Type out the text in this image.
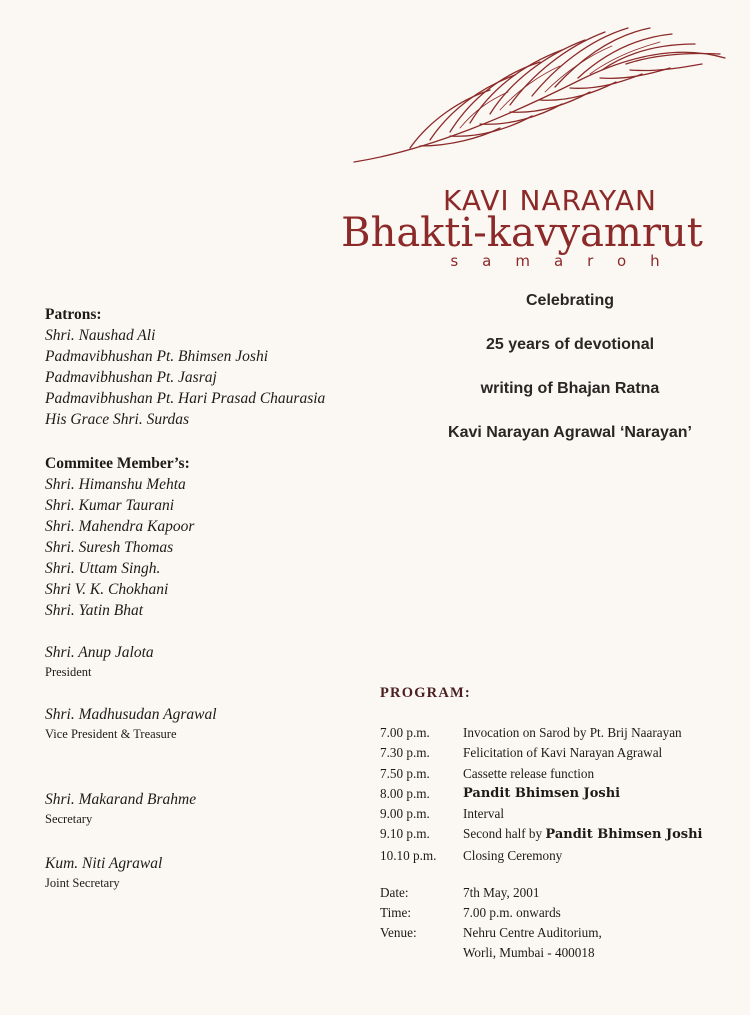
KAVI NARAYAN
Bhakti-kavyamrut
samaroh
Celebrating
25 years of devotional
writing of Bhajan Ratna
Kavi Narayan Agrawal ‘Narayan’
Patrons:
Shri. Naushad Ali
Padmavibhushan Pt. Bhimsen Joshi
Padmavibhushan Pt. Jasraj
Padmavibhushan Pt. Hari Prasad Chaurasia
His Grace Shri. Surdas
Commitee Member’s:
Shri. Himanshu Mehta
Shri. Kumar Taurani
Shri. Mahendra Kapoor
Shri. Suresh Thomas
Shri. Uttam Singh.
Shri V. K. Chokhani
Shri. Yatin Bhat
Shri. Anup Jalota
President
Shri. Madhusudan Agrawal
Vice President & Treasure
Shri. Makarand Brahme
Secretary
Kum. Niti Agrawal
Joint Secretary
PROGRAM:
7.00 p.m.	Invocation on Sarod by Pt. Brij Naarayan
7.30 p.m.	Felicitation of Kavi Narayan Agrawal
7.50 p.m.	Cassette release function
8.00 p.m.	Pandit Bhimsen Joshi
9.00 p.m.	Interval
9.10 p.m.	Second half by Pandit Bhimsen Joshi
10.10 p.m.	Closing Ceremony
Date:	7th May, 2001
Time:	7.00 p.m. onwards
Venue:	Nehru Centre Auditorium,
Worli, Mumbai - 400018
